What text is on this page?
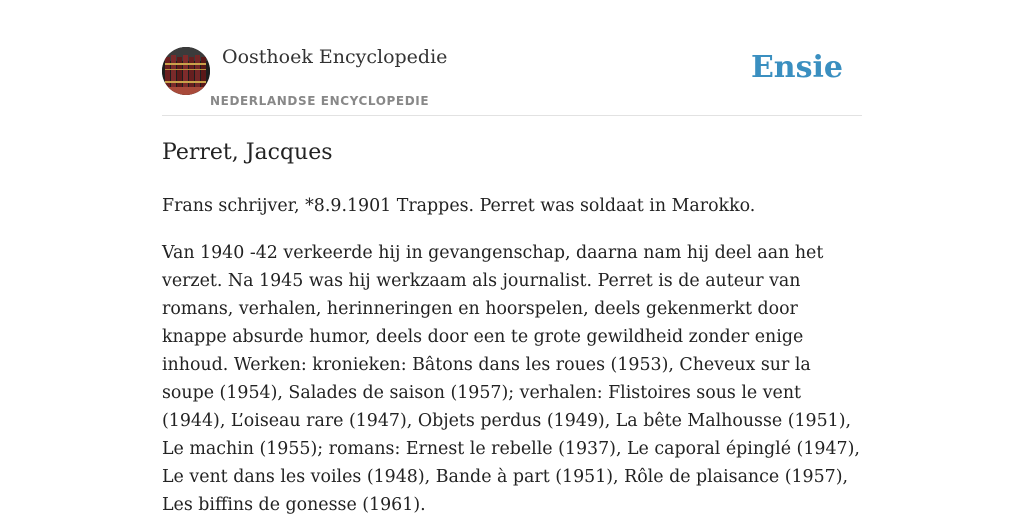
Oosthoek Encyclopedie
NEDERLANDSE ENCYCLOPEDIE
Ensie
Perret, Jacques

Frans schrijver, *8.9.1901 Trappes. Perret was soldaat in Marokko.

Van 1940 -42 verkeerde hij in gevangenschap, daarna nam hij deel aan het verzet. Na 1945 was hij werkzaam als journalist. Perret is de auteur van romans, verhalen, herinneringen en hoorspelen, deels gekenmerkt door knappe absurde humor, deels door een te grote gewildheid zonder enige inhoud. Werken: kronieken: Bâtons dans les roues (1953), Cheveux sur la soupe (1954), Salades de saison (1957); verhalen: Flistoires sous le vent (1944), L’oiseau rare (1947), Objets perdus (1949), La bête Malhousse (1951), Le machin (1955); romans: Ernest le rebelle (1937), Le caporal épinglé (1947), Le vent dans les voiles (1948), Bande à part (1951), Rôle de plaisance (1957), Les biffins de gonesse (1961).
